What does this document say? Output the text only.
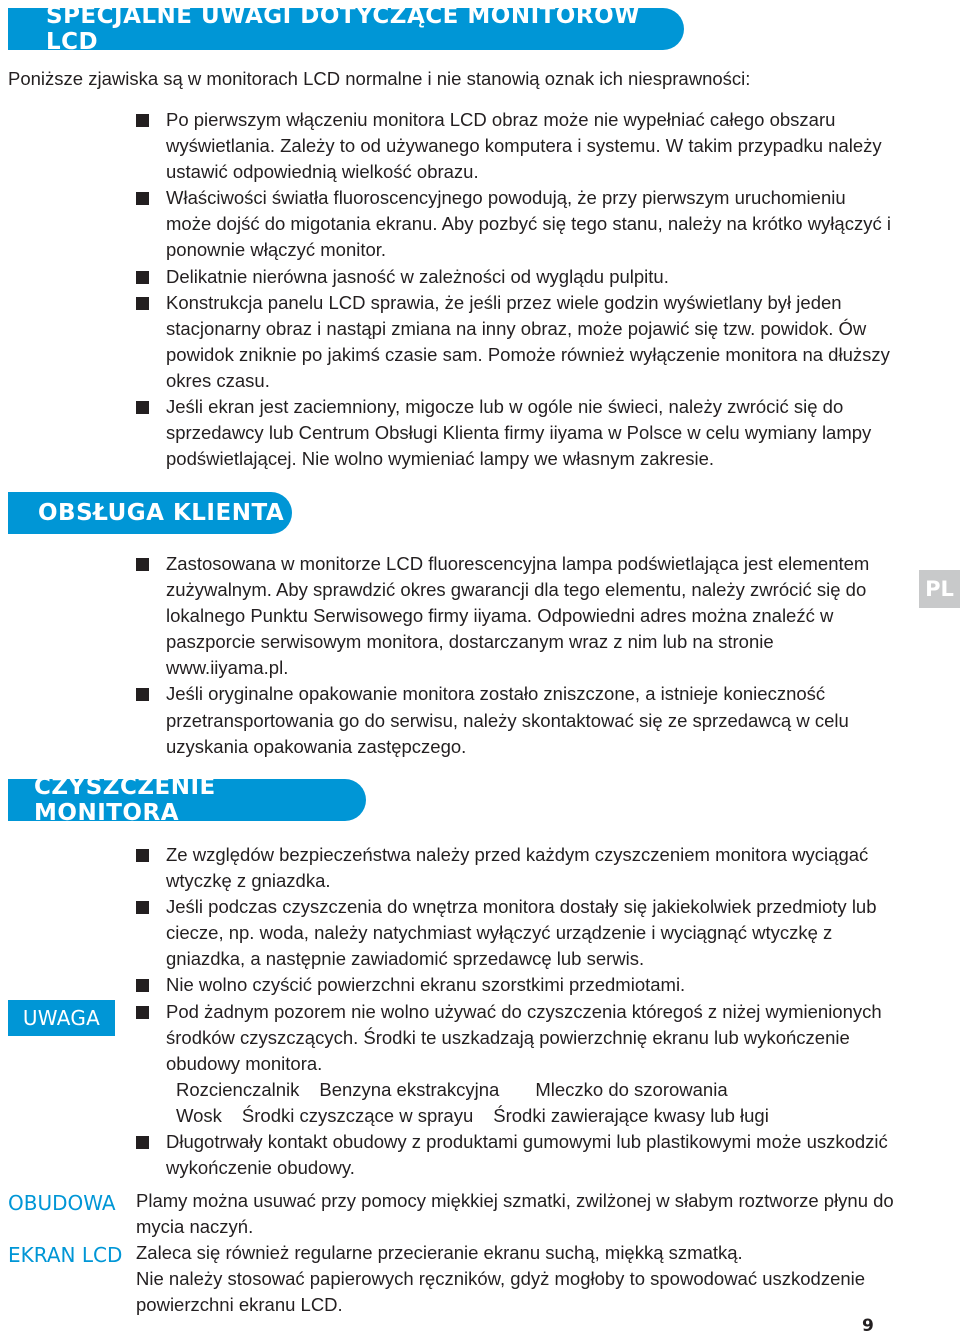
SPECJALNE UWAGI DOTYCZĄCE MONITORÓW LCD

Poniższe zjawiska są w monitorach LCD normalne i nie stanowią oznak ich niesprawności:

Po pierwszym włączeniu monitora LCD obraz może nie wypełniać całego obszaru wyświetlania. Zależy to od używanego komputera i systemu. W takim przypadku należy ustawić odpowiednią wielkość obrazu.
Właściwości światła fluoroscencyjnego powodują, że przy pierwszym uruchomieniu może dojść do migotania ekranu. Aby pozbyć się tego stanu, należy na krótko wyłączyć i ponownie włączyć monitor.
Delikatnie nierówna jasność w zależności od wyglądu pulpitu.
Konstrukcja panelu LCD sprawia, że jeśli przez wiele godzin wyświetlany był jeden stacjonarny obraz i nastąpi zmiana na inny obraz, może pojawić się tzw. powidok. Ów powidok zniknie po jakimś czasie sam. Pomoże również wyłączenie monitora na dłuższy okres czasu.
Jeśli ekran jest zaciemniony, migocze lub w ogóle nie świeci, należy zwrócić się do sprzedawcy lub Centrum Obsługi Klienta firmy iiyama w Polsce w celu wymiany lampy podświetlającej. Nie wolno wymieniać lampy we własnym zakresie.
OBSŁUGA KLIENTA
Zastosowana w monitorze LCD fluorescencyjna lampa podświetlająca jest elementem zużywalnym. Aby sprawdzić okres gwarancji dla tego elementu, należy zwrócić się do lokalnego Punktu Serwisowego firmy iiyama. Odpowiedni adres można znaleźć w paszporcie serwisowym monitora, dostarczanym wraz z nim lub na stronie www.iiyama.pl.
Jeśli oryginalne opakowanie monitora zostało zniszczone, a istnieje konieczność przetransportowania go do serwisu, należy skontaktować się ze sprzedawcą w celu uzyskania opakowania zastępczego.
PL
CZYSZCZENIE MONITORA
UWAGA
Ze względów bezpieczeństwa należy przed każdym czyszczeniem monitora wyciągać wtyczkę z gniazdka.
Jeśli podczas czyszczenia do wnętrza monitora dostały się jakiekolwiek przedmioty lub ciecze, np. woda, należy natychmiast wyłączyć urządzenie i wyciągnąć wtyczkę z gniazdka, a następnie zawiadomić sprzedawcę lub serwis.
Nie wolno czyścić powierzchni ekranu szorstkimi przedmiotami.
Pod żadnym pozorem nie wolno używać do czyszczenia któregoś z niżej wymienionych środków czyszczących. Środki te uszkadzają powierzchnię ekranu lub wykończenie obudowy monitora.
Rozcienczalnik Benzyna ekstrakcyjna Mleczko do szorowania
Wosk Środki czyszczące w sprayu Środki zawierające kwasy lub ługi
Długotrwały kontakt obudowy z produktami gumowymi lub plastikowymi może uszkodzić wykończenie obudowy.
OBUDOWA Plamy można usuwać przy pomocy miękkiej szmatki, zwilżonej w słabym roztworze płynu do mycia naczyń.

EKRAN LCD Zaleca się również regularne przecieranie ekranu suchą, miękką szmatką.

Nie należy stosować papierowych ręczników, gdyż mogłoby to spowodować uszkodzenie powierzchni ekranu LCD.

9
